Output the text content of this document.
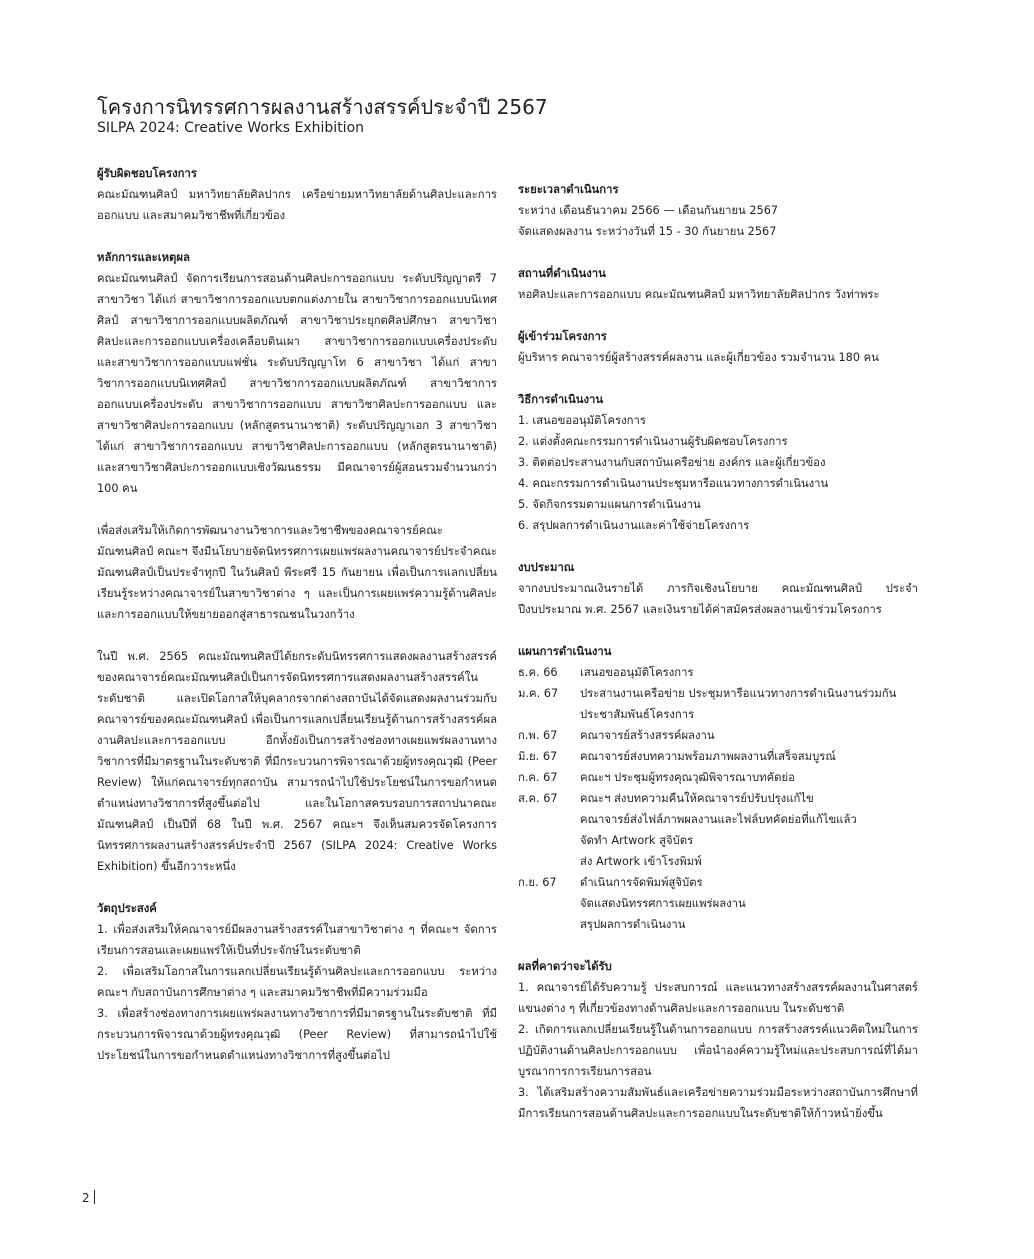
โครงการนิทรรศการผลงานสร้างสรรค์ประจำปี 2567
SILPA 2024: Creative Works Exhibition
ผู้รับผิดชอบโครงการ
คณะมัณฑนศิลป์ มหาวิทยาลัยศิลปากร เครือข่ายมหาวิทยาลัยด้านศิลปะและการออกแบบ และสมาคมวิชาชีพที่เกี่ยวข้อง
หลักการและเหตุผล
คณะมัณฑนศิลป์ จัดการเรียนการสอนด้านศิลปะการออกแบบ ระดับปริญญาตรี 7 สาขาวิชา ได้แก่ สาขาวิชาการออกแบบตกแต่งภายใน สาขาวิชาการออกแบบนิเทศศิลป์ สาขาวิชาการออกแบบผลิตภัณฑ์ สาขาวิชาประยุกตศิลปศึกษา สาขาวิชาศิลปะและการออกแบบเครื่องเคลือบดินเผา สาขาวิชาการออกแบบเครื่องประดับ และสาขาวิชาการออกแบบแฟชั่น ระดับปริญญาโท 6 สาขาวิชา ได้แก่ สาขาวิชาการออกแบบนิเทศศิลป์ สาขาวิชาการออกแบบผลิตภัณฑ์ สาขาวิชาการออกแบบเครื่องประดับ สาขาวิชาการออกแบบ สาขาวิชาศิลปะการออกแบบ และสาขาวิชาศิลปะการออกแบบ (หลักสูตรนานาชาติ) ระดับปริญญาเอก 3 สาขาวิชา ได้แก่ สาขาวิชาการออกแบบ สาขาวิชาศิลปะการออกแบบ (หลักสูตรนานาชาติ) และสาขาวิชาศิลปะการออกแบบเชิงวัฒนธรรม มีคณาจารย์ผู้สอนรวมจำนวนกว่า 100 คน
เพื่อส่งเสริมให้เกิดการพัฒนางานวิชาการและวิชาชีพของคณาจารย์คณะมัณฑนศิลป์ คณะฯ จึงมีนโยบายจัดนิทรรศการเผยแพร่ผลงานคณาจารย์ประจำคณะมัณฑนศิลป์เป็นประจำทุกปี ในวันศิลป์ พีระศรี 15 กันยายน เพื่อเป็นการแลกเปลี่ยนเรียนรู้ระหว่างคณาจารย์ในสาขาวิชาต่าง ๆ และเป็นการเผยแพร่ความรู้ด้านศิลปะและการออกแบบให้ขยายออกสู่สาธารณชนในวงกว้าง
ในปี พ.ศ. 2565 คณะมัณฑนศิลป์ได้ยกระดับนิทรรศการแสดงผลงานสร้างสรรค์ของคณาจารย์คณะมัณฑนศิลป์เป็นการจัดนิทรรศการแสดงผลงานสร้างสรรค์ในระดับชาติ และเปิดโอกาสให้บุคลากรจากต่างสถาบันได้จัดแสดงผลงานร่วมกับคณาจารย์ของคณะมัณฑนศิลป์ เพื่อเป็นการแลกเปลี่ยนเรียนรู้ด้านการสร้างสรรค์ผลงานศิลปะและการออกแบบ อีกทั้งยังเป็นการสร้างช่องทางเผยแพร่ผลงานทางวิชาการที่มีมาตรฐานในระดับชาติ ที่มีกระบวนการพิจารณาด้วยผู้ทรงคุณวุฒิ (Peer Review) ให้แก่คณาจารย์ทุกสถาบัน สามารถนำไปใช้ประโยชน์ในการขอกำหนดตำแหน่งทางวิชาการที่สูงขึ้นต่อไป และในโอกาสครบรอบการสถาปนาคณะมัณฑนศิลป์ เป็นปีที่ 68 ในปี พ.ศ. 2567 คณะฯ จึงเห็นสมควรจัดโครงการนิทรรศการผลงานสร้างสรรค์ประจำปี 2567 (SILPA 2024: Creative Works Exhibition) ขึ้นอีกวาระหนึ่ง
วัตถุประสงค์
1. เพื่อส่งเสริมให้คณาจารย์มีผลงานสร้างสรรค์ในสาขาวิชาต่าง ๆ ที่คณะฯ จัดการเรียนการสอนและเผยแพร่ให้เป็นที่ประจักษ์ในระดับชาติ
2. เพื่อเสริมโอกาสในการแลกเปลี่ยนเรียนรู้ด้านศิลปะและการออกแบบ ระหว่างคณะฯ กับสถาบันการศึกษาต่าง ๆ และสมาคมวิชาชีพที่มีความร่วมมือ
3. เพื่อสร้างช่องทางการเผยแพร่ผลงานทางวิชาการที่มีมาตรฐานในระดับชาติ ที่มีกระบวนการพิจารณาด้วยผู้ทรงคุณวุฒิ (Peer Review) ที่สามารถนำไปใช้ประโยชน์ในการขอกำหนดตำแหน่งทางวิชาการที่สูงขึ้นต่อไป
ระยะเวลาดำเนินการ
ระหว่าง เดือนธันวาคม 2566 — เดือนกันยายน 2567
จัดแสดงผลงาน ระหว่างวันที่ 15 - 30 กันยายน 2567
สถานที่ดำเนินงาน
หอศิลปะและการออกแบบ คณะมัณฑนศิลป์ มหาวิทยาลัยศิลปากร วังท่าพระ
ผู้เข้าร่วมโครงการ
ผู้บริหาร คณาจารย์ผู้สร้างสรรค์ผลงาน และผู้เกี่ยวข้อง รวมจำนวน 180 คน
วิธีการดำเนินงาน
1. เสนอขออนุมัติโครงการ
2. แต่งตั้งคณะกรรมการดำเนินงานผู้รับผิดชอบโครงการ
3. ติดต่อประสานงานกับสถาบันเครือข่าย องค์กร และผู้เกี่ยวข้อง
4. คณะกรรมการดำเนินงานประชุมหารือแนวทางการดำเนินงาน
5. จัดกิจกรรมตามแผนการดำเนินงาน
6. สรุปผลการดำเนินงานและค่าใช้จ่ายโครงการ
งบประมาณ
จากงบประมาณเงินรายได้ ภารกิจเชิงนโยบาย คณะมัณฑนศิลป์ ประจำปีงบประมาณ พ.ศ. 2567 และเงินรายได้ค่าสมัครส่งผลงานเข้าร่วมโครงการ
แผนการดำเนินงาน
ธ.ค. 66	เสนอขออนุมัติโครงการ
ม.ค. 67	ประสานงานเครือข่าย ประชุมหารือแนวทางการดำเนินงานร่วมกัน
ประชาสัมพันธ์โครงการ
ก.พ. 67	คณาจารย์สร้างสรรค์ผลงาน
มิ.ย. 67	คณาจารย์ส่งบทความพร้อมภาพผลงานที่เสร็จสมบูรณ์
ก.ค. 67	คณะฯ ประชุมผู้ทรงคุณวุฒิพิจารณาบทคัดย่อ
ส.ค. 67	คณะฯ ส่งบทความคืนให้คณาจารย์ปรับปรุงแก้ไข
คณาจารย์ส่งไฟล์ภาพผลงานและไฟล์บทคัดย่อที่แก้ไขแล้ว
จัดทำ Artwork สูจิบัตร
ส่ง Artwork เข้าโรงพิมพ์
ก.ย. 67	ดำเนินการจัดพิมพ์สูจิบัตร
จัดแสดงนิทรรศการเผยแพร่ผลงาน
สรุปผลการดำเนินงาน
ผลที่คาดว่าจะได้รับ
1. คณาจารย์ได้รับความรู้ ประสบการณ์ และแนวทางสร้างสรรค์ผลงานในศาสตร์แขนงต่าง ๆ ที่เกี่ยวข้องทางด้านศิลปะและการออกแบบ ในระดับชาติ
2. เกิดการแลกเปลี่ยนเรียนรู้ในด้านการออกแบบ การสร้างสรรค์แนวคิดใหม่ในการปฏิบัติงานด้านศิลปะการออกแบบ เพื่อนำองค์ความรู้ใหม่และประสบการณ์ที่ได้มาบูรณาการการเรียนการสอน
3. ได้เสริมสร้างความสัมพันธ์และเครือข่ายความร่วมมือระหว่างสถาบันการศึกษาที่มีการเรียนการสอนด้านศิลปะและการออกแบบในระดับชาติให้ก้าวหน้ายิ่งขึ้น
2
